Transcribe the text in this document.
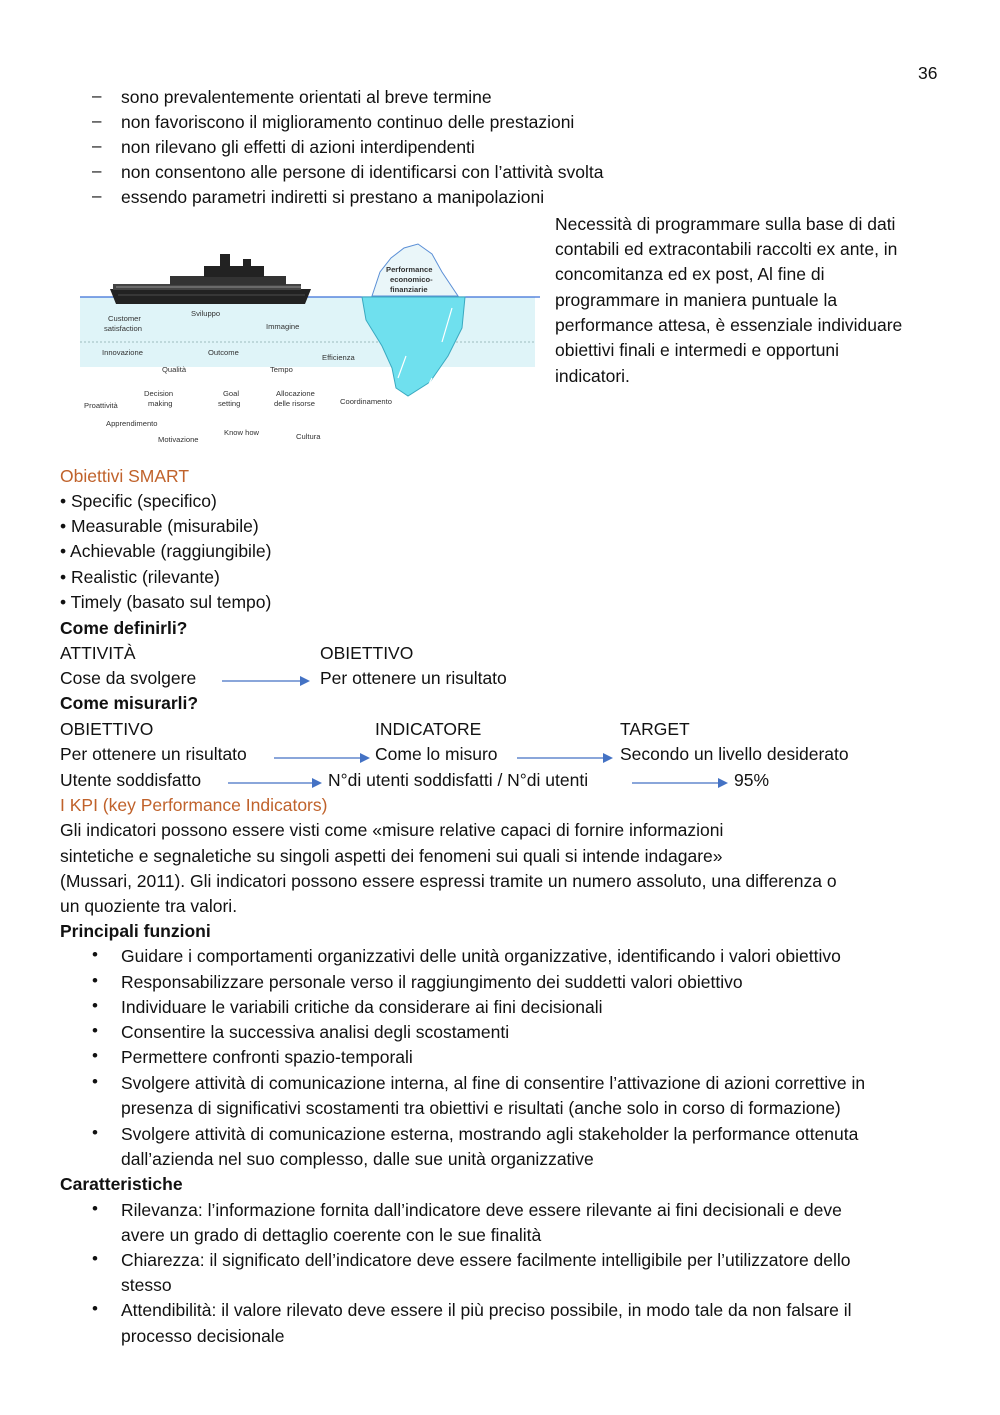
36
– sono prevalentemente orientati al breve termine
– non favoriscono il miglioramento continuo delle prestazioni
– non rilevano gli effetti di azioni interdipendenti
– non consentono alle persone di identificarsi con l’attività svolta
– essendo parametri indiretti si prestano a manipolazioni
Necessità di programmare sulla base di dati
contabili ed extracontabili raccolti ex ante, in
concomitanza ed ex post, Al fine di
programmare in maniera puntuale la
performance attesa, è essenziale individuare
obiettivi finali e intermedi e opportuni
indicatori.
Performance
economico-
finanziarie
Customer
satisfaction
Sviluppo
Immagine
Innovazione	Outcome
Efficienza
Qualità	Tempo
Decision
making
Goal
setting
Allocazione
delle risorse	Coordinamento
Proattività
Apprendimento
Know how
Motivazione	Cultura
Obiettivi SMART
• Specific (specifico)
• Measurable (misurabile)
• Achievable (raggiungibile)
• Realistic (rilevante)
• Timely (basato sul tempo)
Come definirli?
ATTIVITÀ	OBIETTIVO
Cose da svolgere	Per ottenere un risultato
Come misurarli?
OBIETTIVO	INDICATORE	TARGET
Per ottenere un risultato	Come lo misuro	Secondo un livello desiderato
Utente soddisfatto	N°di utenti soddisfatti / N°di utenti	95%
I KPI (key Performance Indicators)
Gli indicatori possono essere visti come «misure relative capaci di fornire informazioni
sintetiche e segnaletiche su singoli aspetti dei fenomeni sui quali si intende indagare»
(Mussari, 2011). Gli indicatori possono essere espressi tramite un numero assoluto, una differenza o
un quoziente tra valori.
Principali funzioni
• Guidare i comportamenti organizzativi delle unità organizzative, identificando i valori obiettivo
• Responsabilizzare personale verso il raggiungimento dei suddetti valori obiettivo
• Individuare le variabili critiche da considerare ai fini decisionali
• Consentire la successiva analisi degli scostamenti
• Permettere confronti spazio-temporali
• Svolgere attività di comunicazione interna, al fine di consentire l’attivazione di azioni correttive in
presenza di significativi scostamenti tra obiettivi e risultati (anche solo in corso di formazione)
• Svolgere attività di comunicazione esterna, mostrando agli stakeholder la performance ottenuta
dall’azienda nel suo complesso, dalle sue unità organizzative
Caratteristiche
• Rilevanza: l’informazione fornita dall’indicatore deve essere rilevante ai fini decisionali e deve
avere un grado di dettaglio coerente con le sue finalità
• Chiarezza: il significato dell’indicatore deve essere facilmente intelligibile per l’utilizzatore dello
stesso
• Attendibilità: il valore rilevato deve essere il più preciso possibile, in modo tale da non falsare il
processo decisionale
